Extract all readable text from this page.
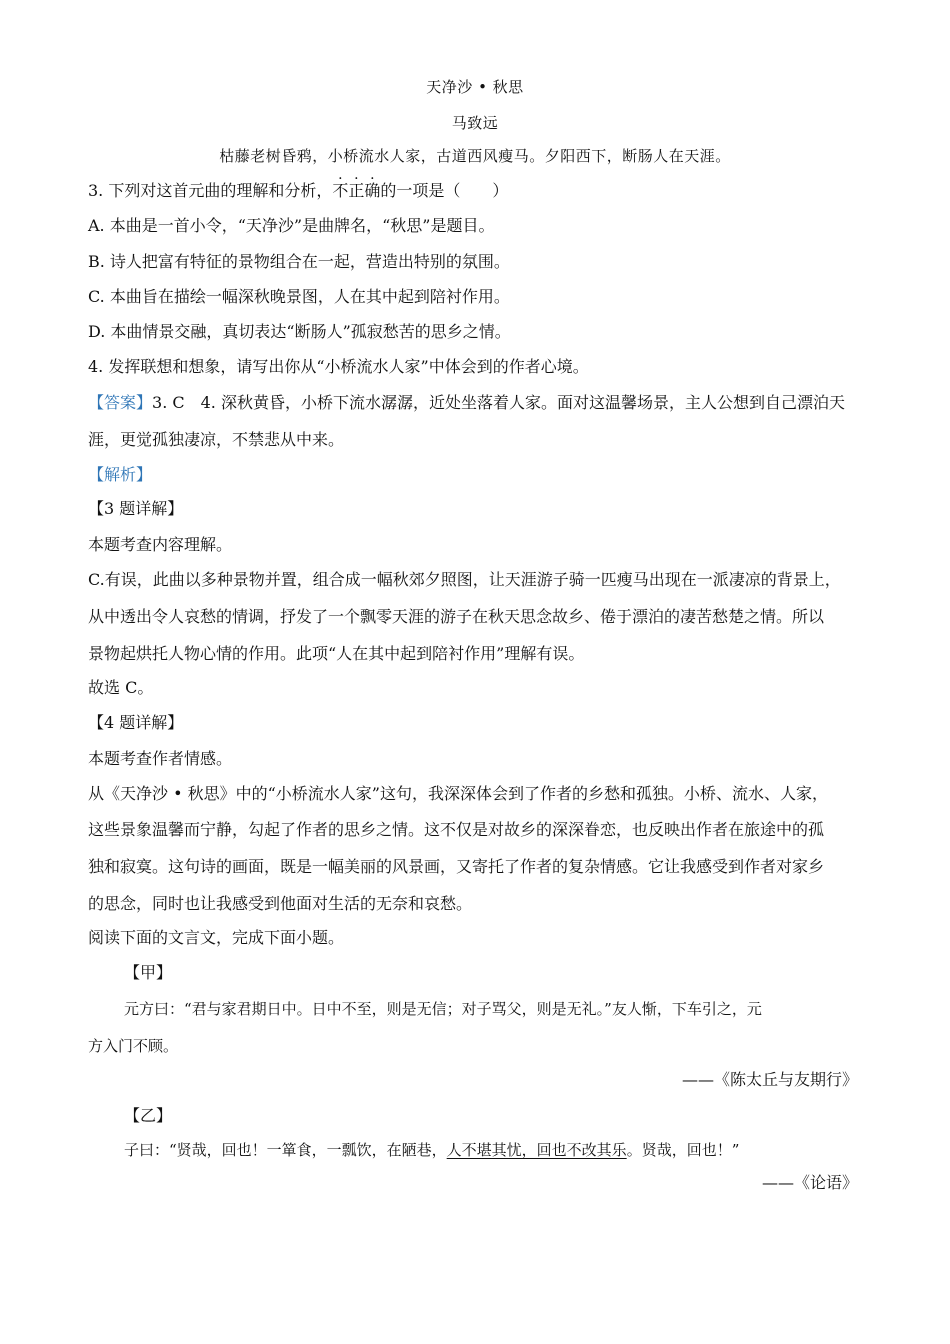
天净沙 • 秋思
马致远
枯藤老树昏鸦，小桥流水人家，古道西风瘦马。夕阳西下，断肠人在天涯。
3. 下列对这首元曲的理解和分析，不正确的一项是（　　）
A. 本曲是一首小令，“天净沙”是曲牌名，“秋思”是题目。
B. 诗人把富有特征的景物组合在一起，营造出特别的氛围。
C. 本曲旨在描绘一幅深秋晚景图，人在其中起到陪衬作用。
D. 本曲情景交融，真切表达“断肠人”孤寂愁苦的思乡之情。
4. 发挥联想和想象，请写出你从“小桥流水人家”中体会到的作者心境。
【答案】3. C　4. 深秋黄昏，小桥下流水潺潺，近处坐落着人家。面对这温馨场景，主人公想到自己漂泊天
涯，更觉孤独凄凉，不禁悲从中来。
【解析】
【3 题详解】
本题考查内容理解。
C.有误，此曲以多种景物并置，组合成一幅秋郊夕照图，让天涯游子骑一匹瘦马出现在一派凄凉的背景上，
从中透出令人哀愁的情调，抒发了一个飘零天涯的游子在秋天思念故乡、倦于漂泊的凄苦愁楚之情。所以
景物起烘托人物心情的作用。此项“人在其中起到陪衬作用”理解有误。
故选 C。
【4 题详解】
本题考查作者情感。
从《天净沙 • 秋思》中的“小桥流水人家”这句，我深深体会到了作者的乡愁和孤独。小桥、流水、人家，
这些景象温馨而宁静，勾起了作者的思乡之情。这不仅是对故乡的深深眷恋，也反映出作者在旅途中的孤
独和寂寞。这句诗的画面，既是一幅美丽的风景画，又寄托了作者的复杂情感。它让我感受到作者对家乡
的思念，同时也让我感受到他面对生活的无奈和哀愁。
阅读下面的文言文，完成下面小题。
【甲】
元方曰：“君与家君期日中。日中不至，则是无信；对子骂父，则是无礼。”友人惭，下车引之，元
方入门不顾。
——《陈太丘与友期行》
【乙】
子曰：“贤哉，回也！一箪食，一瓢饮，在陋巷，人不堪其忧，回也不改其乐。贤哉，回也！”
——《论语》
